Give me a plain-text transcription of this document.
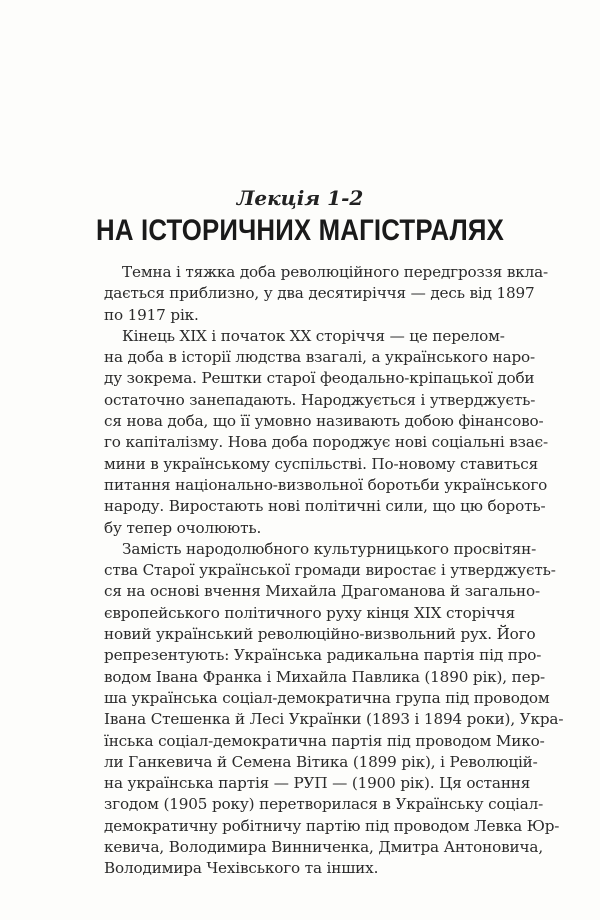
Лекція 1-2
НА ІСТОРИЧНИХ МАГІСТРАЛЯХ
Темна і тяжка доба революційного передгроззя вкла-
дається приблизно, у два десятиріччя — десь від 1897
по 1917 рік.
Кінець XIX і початок XX сторіччя — це перелом-
на доба в історії людства взагалі, а українського наро-
ду зокрема. Рештки старої феодально-кріпацької доби
остаточно занепадають. Народжується і утверджуєть-
ся нова доба, що її умовно називають добою фінансово-
го капіталізму. Нова доба породжує нові соціальні взає-
мини в українському суспільстві. По-новому ставиться
питання національно-визвольної боротьби українського
народу. Виростають нові політичні сили, що цю бороть-
бу тепер очолюють.
Замість народолюбного культурницького просвітян-
ства Старої української громади виростає і утверджуєть-
ся на основі вчення Михайла Драгоманова й загально-
європейського політичного руху кінця XIX сторіччя
новий український революційно-визвольний рух. Його
репрезентують: Українська радикальна партія під про-
водом Івана Франка і Михайла Павлика (1890 рік), пер-
ша українська соціал-демократична група під проводом
Івана Стешенка й Лесі Українки (1893 і 1894 роки), Укра-
їнська соціал-демократична партія під проводом Мико-
ли Ганкевича й Семена Вітика (1899 рік), і Революцій-
на українська партія — РУП — (1900 рік). Ця остання
згодом (1905 року) перетворилася в Українську соціал-
демократичну робітничу партію під проводом Левка Юр-
кевича, Володимира Винниченка, Дмитра Антоновича,
Володимира Чехівського та інших.
